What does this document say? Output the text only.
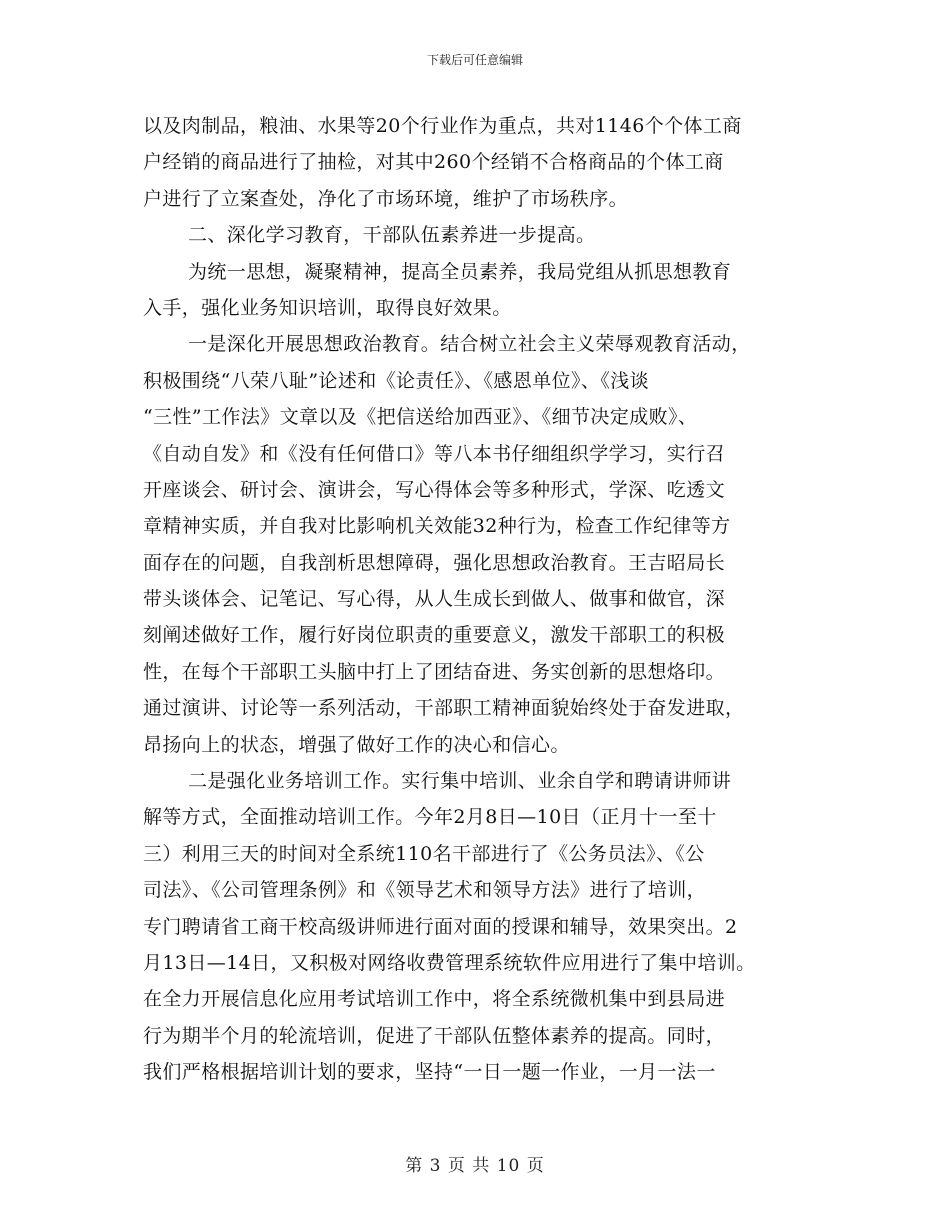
下载后可任意编辑
以及肉制品，粮油、水果等20个行业作为重点，共对1146个个体工商
户经销的商品进行了抽检，对其中260个经销不合格商品的个体工商
户进行了立案查处，净化了市场环境，维护了市场秩序。
二、深化学习教育，干部队伍素养进一步提高。
为统一思想，凝聚精神，提高全员素养，我局党组从抓思想教育
入手，强化业务知识培训，取得良好效果。
一是深化开展思想政治教育。结合树立社会主义荣辱观教育活动，
积极围绕“八荣八耻”论述和《论责任》、《感恩单位》、《浅谈
“三性”工作法》文章以及《把信送给加西亚》、《细节决定成败》、
《自动自发》和《没有任何借口》等八本书仔细组织学学习，实行召
开座谈会、研讨会、演讲会，写心得体会等多种形式，学深、吃透文
章精神实质，并自我对比影响机关效能32种行为，检查工作纪律等方
面存在的问题，自我剖析思想障碍，强化思想政治教育。王吉昭局长
带头谈体会、记笔记、写心得，从人生成长到做人、做事和做官，深
刻阐述做好工作，履行好岗位职责的重要意义，激发干部职工的积极
性，在每个干部职工头脑中打上了团结奋进、务实创新的思想烙印。
通过演讲、讨论等一系列活动，干部职工精神面貌始终处于奋发进取，
昂扬向上的状态，增强了做好工作的决心和信心。
二是强化业务培训工作。实行集中培训、业余自学和聘请讲师讲
解等方式，全面推动培训工作。今年2月8日—10日（正月十一至十
三）利用三天的时间对全系统110名干部进行了《公务员法》、《公
司法》、《公司管理条例》和《领导艺术和领导方法》进行了培训，
专门聘请省工商干校高级讲师进行面对面的授课和辅导，效果突出。2
月13日—14日，又积极对网络收费管理系统软件应用进行了集中培训。
在全力开展信息化应用考试培训工作中，将全系统微机集中到县局进
行为期半个月的轮流培训，促进了干部队伍整体素养的提高。同时，
我们严格根据培训计划的要求，坚持“一日一题一作业，一月一法一
第 3 页 共 10 页
